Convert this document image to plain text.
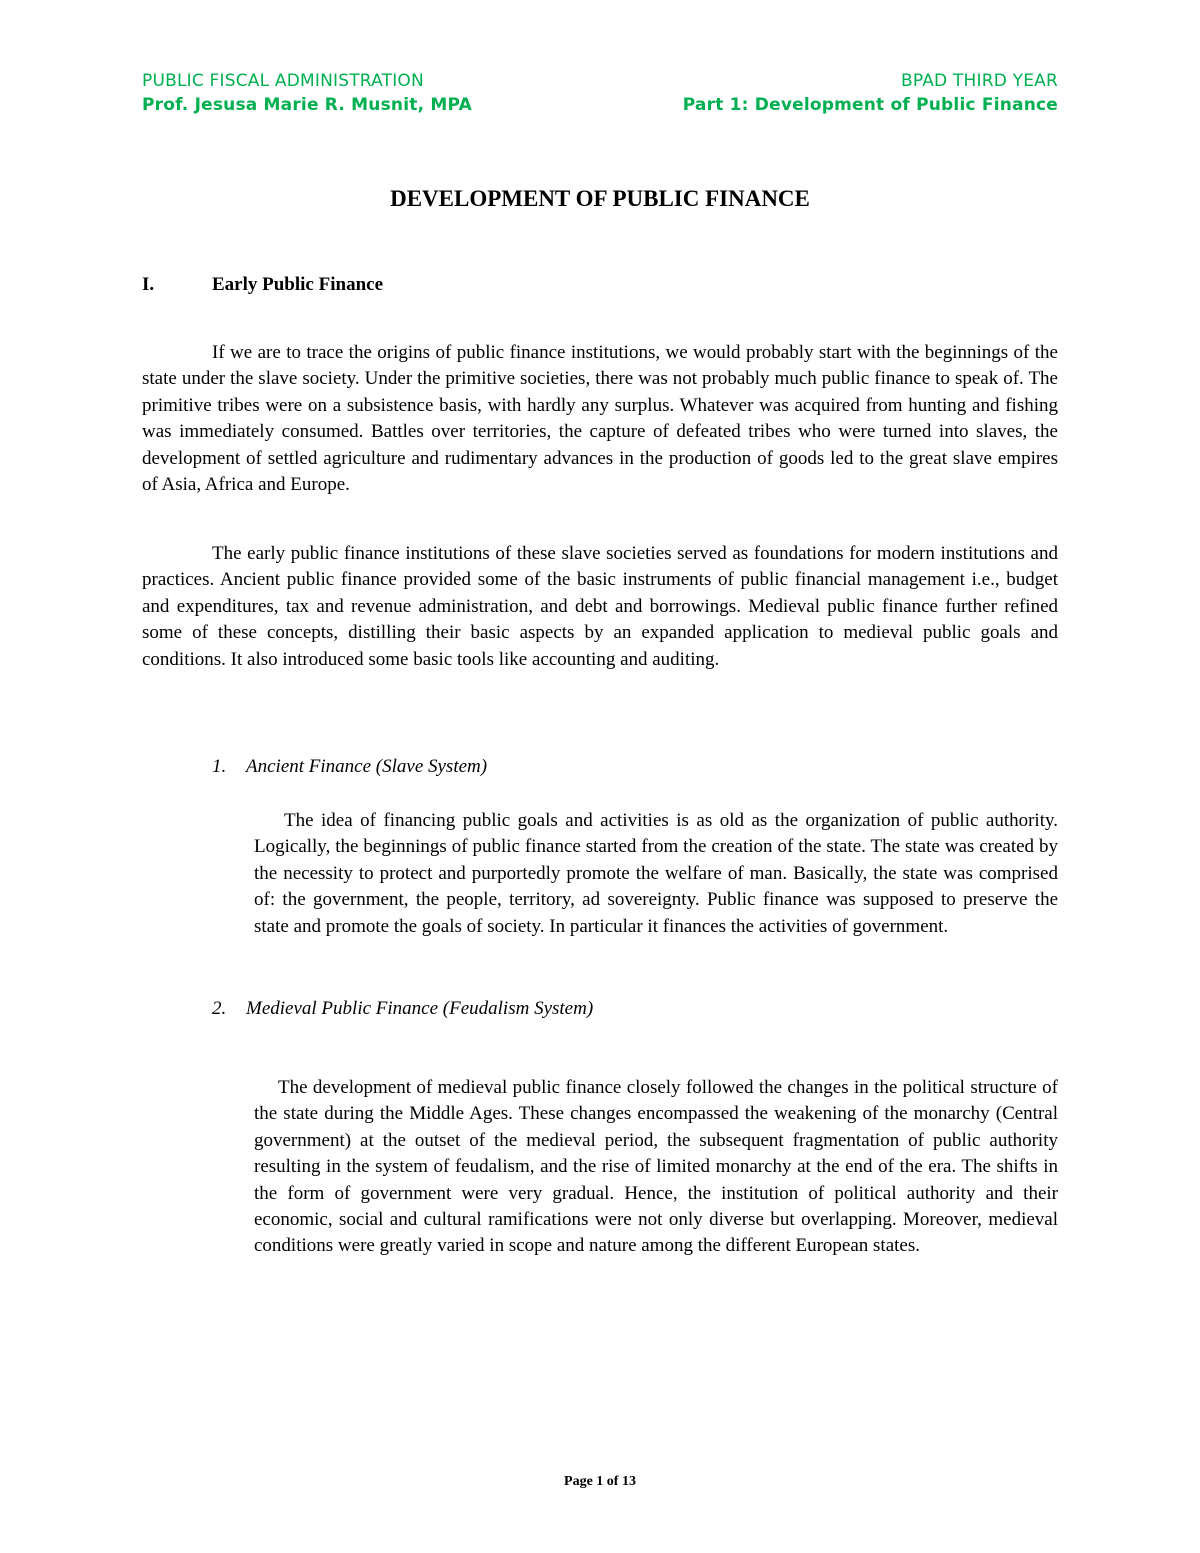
PUBLIC FISCAL ADMINISTRATION
Prof. Jesusa Marie R. Musnit, MPA
BPAD THIRD YEAR
Part 1: Development of Public Finance
DEVELOPMENT OF PUBLIC FINANCE
I.	Early Public Finance

If we are to trace the origins of public finance institutions, we would probably start with the beginnings of the state under the slave society. Under the primitive societies, there was not probably much public finance to speak of. The primitive tribes were on a subsistence basis, with hardly any surplus. Whatever was acquired from hunting and fishing was immediately consumed. Battles over territories, the capture of defeated tribes who were turned into slaves, the development of settled agriculture and rudimentary advances in the production of goods led to the great slave empires of Asia, Africa and Europe.

The early public finance institutions of these slave societies served as foundations for modern institutions and practices. Ancient public finance provided some of the basic instruments of public financial management i.e., budget and expenditures, tax and revenue administration, and debt and borrowings. Medieval public finance further refined some of these concepts, distilling their basic aspects by an expanded application to medieval public goals and conditions. It also introduced some basic tools like accounting and auditing.

1. Ancient Finance (Slave System)

The idea of financing public goals and activities is as old as the organization of public authority. Logically, the beginnings of public finance started from the creation of the state. The state was created by the necessity to protect and purportedly promote the welfare of man. Basically, the state was comprised of: the government, the people, territory, ad sovereignty. Public finance was supposed to preserve the state and promote the goals of society. In particular it finances the activities of government.

2. Medieval Public Finance (Feudalism System)

The development of medieval public finance closely followed the changes in the political structure of the state during the Middle Ages. These changes encompassed the weakening of the monarchy (Central government) at the outset of the medieval period, the subsequent fragmentation of public authority resulting in the system of feudalism, and the rise of limited monarchy at the end of the era. The shifts in the form of government were very gradual. Hence, the institution of political authority and their economic, social and cultural ramifications were not only diverse but overlapping. Moreover, medieval conditions were greatly varied in scope and nature among the different European states.

Page 1 of 13
